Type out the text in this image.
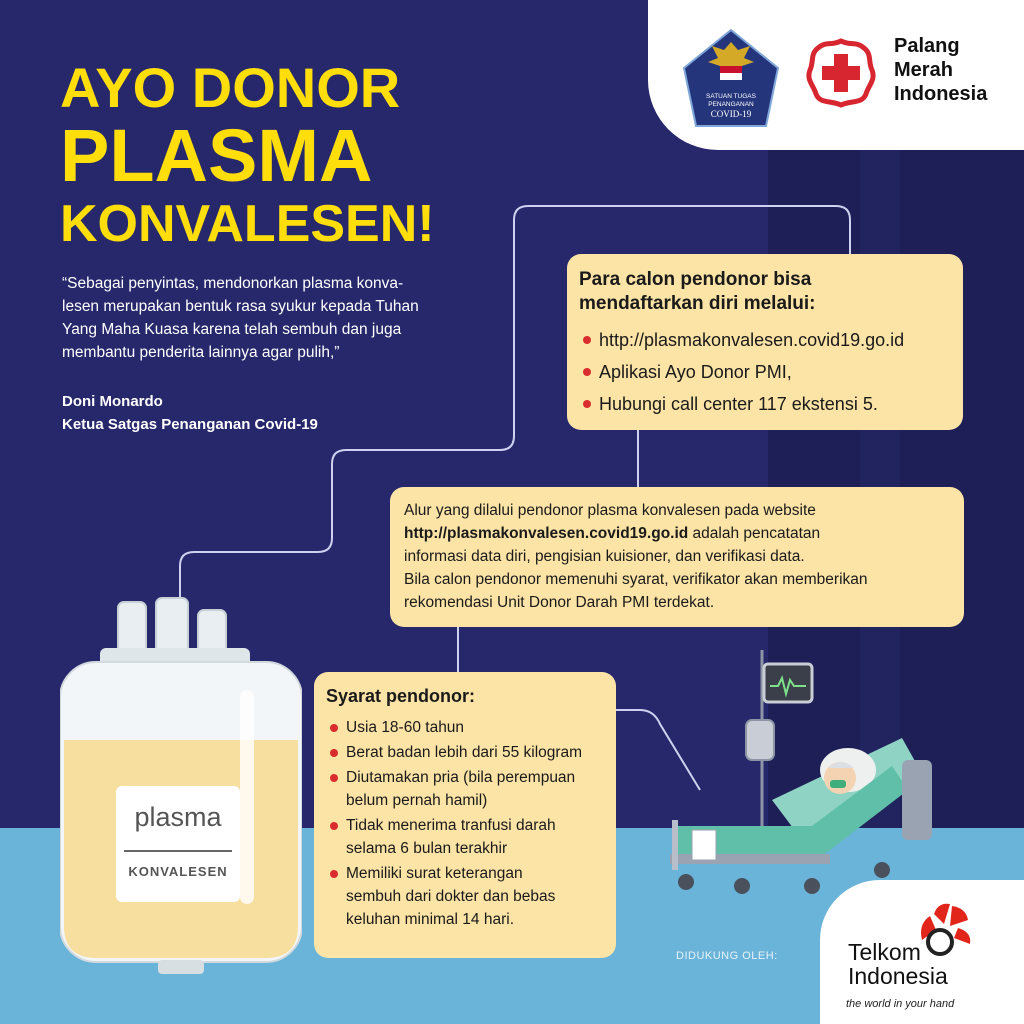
SATUAN TUGAS
PENANGANAN
COVID-19
Palang
Merah
Indonesia
AYO DONOR
PLASMA
KONVALESEN!
“Sebagai penyintas, mendonorkan plasma konva-
lesen merupakan bentuk rasa syukur kepada Tuhan
Yang Maha Kuasa karena telah sembuh dan juga
membantu penderita lainnya agar pulih,”
Doni Monardo
Ketua Satgas Penanganan Covid-19
Para calon pendonor bisa
mendaftarkan diri melalui:
http://plasmakonvalesen.covid19.go.id
Aplikasi Ayo Donor PMI,
Hubungi call center 117 ekstensi 5.
Alur yang dilalui pendonor plasma konvalesen pada website
http://plasmakonvalesen.covid19.go.id adalah pencatatan
informasi data diri, pengisian kuisioner, dan verifikasi data.
Bila calon pendonor memenuhi syarat, verifikator akan memberikan
rekomendasi Unit Donor Darah PMI terdekat.
Syarat pendonor:
Usia 18-60 tahun
Berat badan lebih dari 55 kilogram
Diutamakan pria (bila perempuan
belum pernah hamil)
Tidak menerima tranfusi darah
selama 6 bulan terakhir
Memiliki surat keterangan
sembuh dari dokter dan bebas
keluhan minimal 14 hari.
plasma
KONVALESEN
DIDUKUNG OLEH:	Telkom
Indonesia
the world in your hand
